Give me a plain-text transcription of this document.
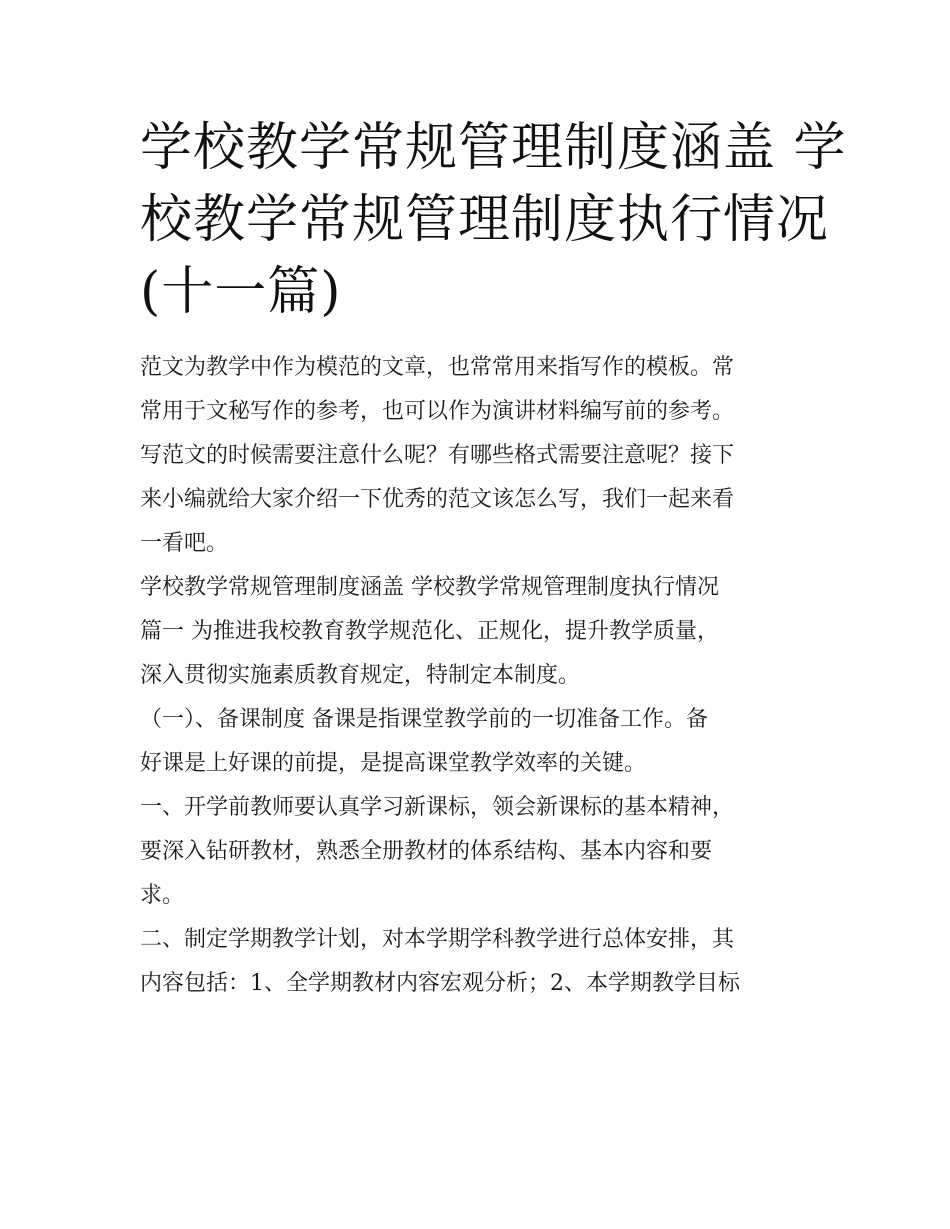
学校教学常规管理制度涵盖 学
校教学常规管理制度执行情况
(十一篇)
范文为教学中作为模范的文章，也常常用来指写作的模板。常
常用于文秘写作的参考，也可以作为演讲材料编写前的参考。
写范文的时候需要注意什么呢？有哪些格式需要注意呢？接下
来小编就给大家介绍一下优秀的范文该怎么写，我们一起来看
一看吧。
学校教学常规管理制度涵盖 学校教学常规管理制度执行情况
篇一 为推进我校教育教学规范化、正规化，提升教学质量，
深入贯彻实施素质教育规定，特制定本制度。
（一）、备课制度 备课是指课堂教学前的一切准备工作。备
好课是上好课的前提，是提高课堂教学效率的关键。
一、开学前教师要认真学习新课标，领会新课标的基本精神，
要深入钻研教材，熟悉全册教材的体系结构、基本内容和要
求。
二、制定学期教学计划，对本学期学科教学进行总体安排，其
内容包括：1、全学期教材内容宏观分析；2、本学期教学目标
